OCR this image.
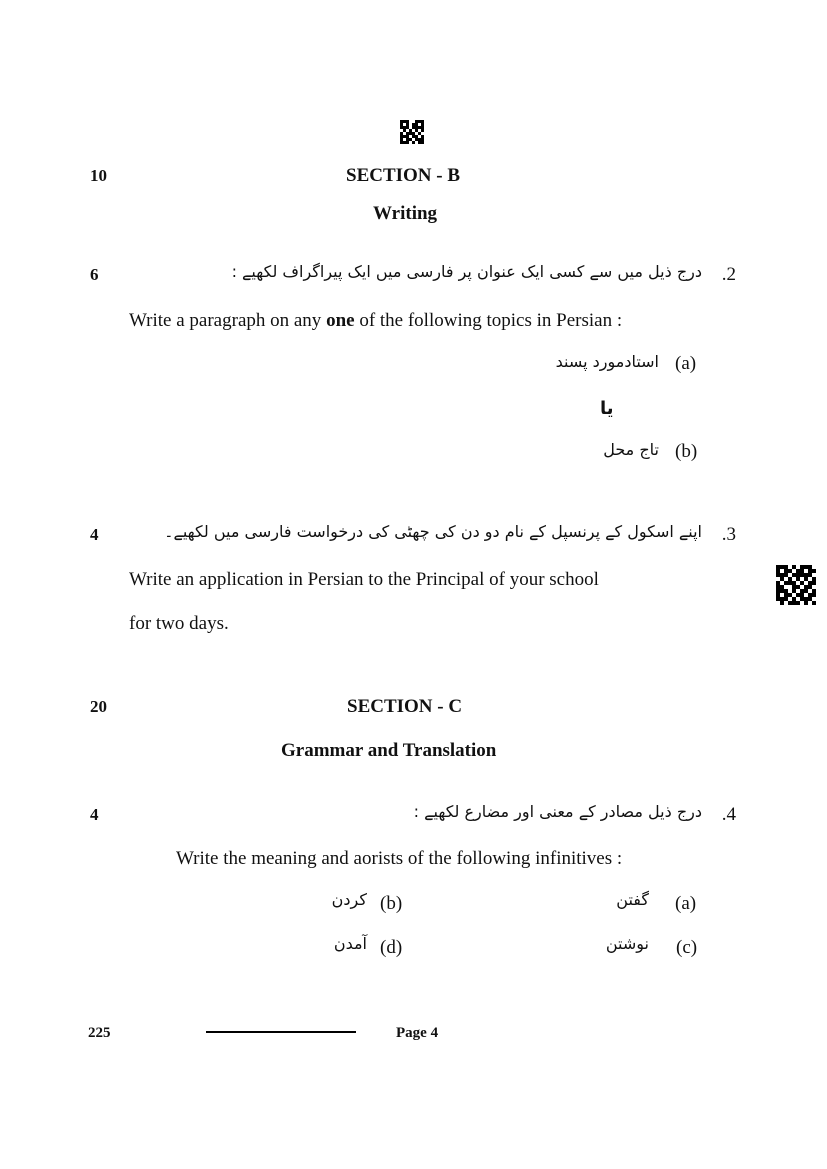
10	SECTION - B
Writing
6	.2
درج ذیل میں سے کسی ایک عنوان پر فارسی میں ایک پیراگراف لکھیے :
Write a paragraph on any one of the following topics in Persian :
(a)
استادمورد پسند
یا
(b)
تاج محل
4	.3
اپنے اسکول کے پرنسپل کے نام دو دن کی چھٹی کی درخواست فارسی میں لکھیے۔
Write an application in Persian to the Principal of your school
for two days.
20	SECTION - C
Grammar and Translation
4	.4
درج ذیل مصادر کے معنی اور مضارع لکھیے :
Write the meaning and aorists of the following infinitives :
(a)
گفتن
(b)
کردن
(c)
نوشتن
(d)
آمدن
225	Page 4
